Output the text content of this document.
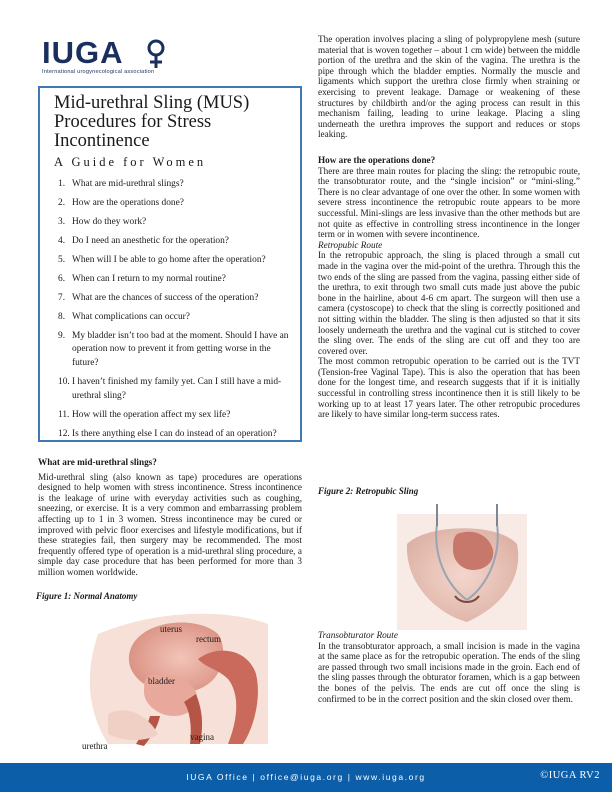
IUGA
International urogynecological association
Mid-urethral Sling (MUS) Procedures for Stress Incontinence
A Guide for Women
1. What are mid-urethral slings?
2. How are the operations done?
3. How do they work?
4. Do I need an anesthetic for the operation?
5. When will I be able to go home after the operation?
6. When can I return to my normal routine?
7. What are the chances of success of the operation?
8. What complications can occur?
9. My bladder isn’t too bad at the moment. Should I have an operation now to prevent it from getting worse in the future?
10. I haven’t finished my family yet. Can I still have a mid-urethral sling?
11. How will the operation affect my sex life?
12. Is there anything else I can do instead of an operation?
What are mid-urethral slings?
Mid-urethral sling (also known as tape) procedures are operations designed to help women with stress incontinence. Stress incontinence is the leakage of urine with everyday activities such as coughing, sneezing, or exercise. It is a very common and embarrassing problem affecting up to 1 in 3 women. Stress incontinence may be cured or improved with pelvic floor exercises and lifestyle modifications, but if these strategies fail, then surgery may be recommended. The most frequently offered type of operation is a mid-urethral sling procedure, a simple day case procedure that has been performed for more than 3 million women worldwide.
Figure 1: Normal Anatomy
uterus
rectum
bladder
vagina
urethra
The operation involves placing a sling of polypropylene mesh (suture material that is woven together – about 1 cm wide) between the middle portion of the urethra and the skin of the vagina. The urethra is the pipe through which the bladder empties. Normally the muscle and ligaments which support the urethra close firmly when straining or exercising to prevent leakage. Damage or weakening of these structures by childbirth and/or the aging process can result in this mechanism failing, leading to urine leakage. Placing a sling underneath the urethra improves the support and reduces or stops leaking.
How are the operations done?
There are three main routes for placing the sling: the retropubic route, the transobturator route, and the “single incision” or “mini-sling.” There is no clear advantage of one over the other. In some women with severe stress incontinence the retropubic route appears to be more successful. Mini-slings are less invasive than the other methods but are not quite as effective in controlling stress incontinence in the longer term or in women with severe incontinence.
Retropubic Route
In the retropubic approach, the sling is placed through a small cut made in the vagina over the mid-point of the urethra. Through this the two ends of the sling are passed from the vagina, passing either side of the urethra, to exit through two small cuts made just above the pubic bone in the hairline, about 4-6 cm apart. The surgeon will then use a camera (cystoscope) to check that the sling is correctly positioned and not sitting within the bladder. The sling is then adjusted so that it sits loosely underneath the urethra and the vaginal cut is stitched to cover the sling over. The ends of the sling are cut off and they too are covered over.
The most common retropubic operation to be carried out is the TVT (Tension-free Vaginal Tape). This is also the operation that has been done for the longest time, and research suggests that if it is initially successful in controlling stress incontinence then it is still likely to be working up to at least 17 years later. The other retropubic procedures are likely to have similar long-term success rates.
Figure 2: Retropubic Sling
Transobturator Route
In the transobturator approach, a small incision is made in the vagina at the same place as for the retropubic operation. The ends of the sling are passed through two small incisions made in the groin. Each end of the sling passes through the obturator foramen, which is a gap between the bones of the pelvis. The ends are cut off once the sling is confirmed to be in the correct position and the skin closed over them.
IUGA Office | office@iuga.org | www.iuga.org	©IUGA RV2
